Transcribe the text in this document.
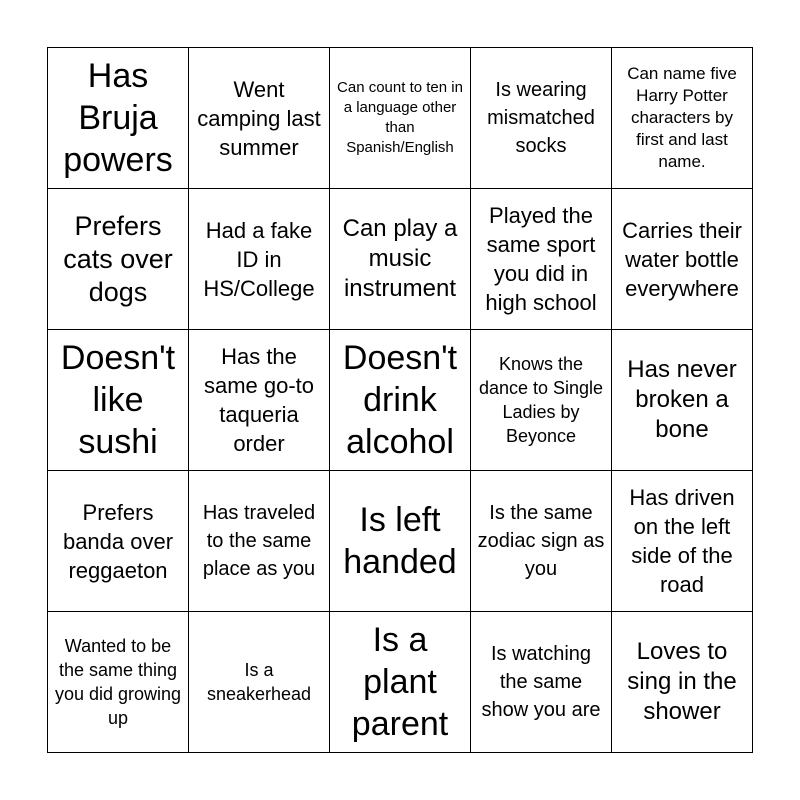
Has Bruja powers
Went camping last summer
Can count to ten in a language other than Spanish/English
Is wearing mismatched socks
Can name five Harry Potter characters by first and last name.
Prefers cats over dogs
Had a fake ID in HS/College
Can play a music instrument
Played the same sport you did in high school
Carries their water bottle everywhere
Doesn't like sushi
Has the same go-to taqueria order
Doesn't drink alcohol
Knows the dance to Single Ladies by Beyonce
Has never broken a bone
Prefers banda over reggaeton
Has traveled to the same place as you
Is left handed
Is the same zodiac sign as you
Has driven on the left side of the road
Wanted to be the same thing you did growing up
Is a sneakerhead
Is a plant parent
Is watching the same show you are
Loves to sing in the shower
